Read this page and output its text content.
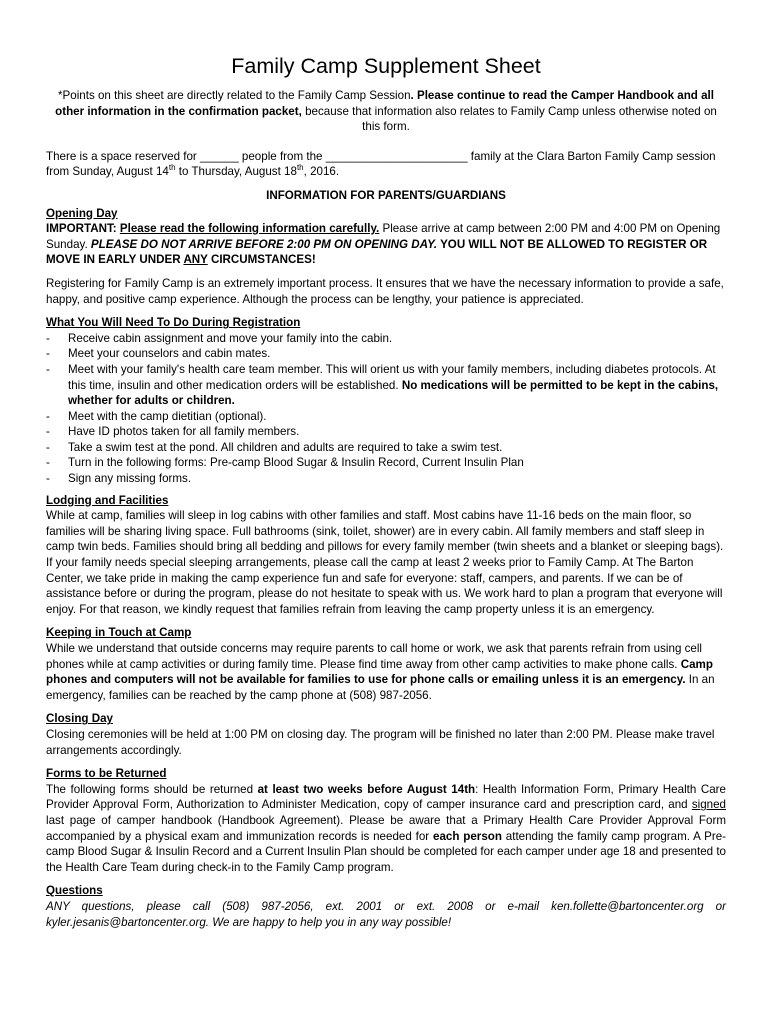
Family Camp Supplement Sheet

*Points on this sheet are directly related to the Family Camp Session. Please continue to read the Camper Handbook and all other information in the confirmation packet, because that information also relates to Family Camp unless otherwise noted on this form.

There is a space reserved for ______ people from the ______________________ family at the Clara Barton Family Camp session from Sunday, August 14th to Thursday, August 18th, 2016.

INFORMATION FOR PARENTS/GUARDIANS

Opening Day

IMPORTANT: Please read the following information carefully. Please arrive at camp between 2:00 PM and 4:00 PM on Opening Sunday. PLEASE DO NOT ARRIVE BEFORE 2:00 PM ON OPENING DAY. YOU WILL NOT BE ALLOWED TO REGISTER OR MOVE IN EARLY UNDER ANY CIRCUMSTANCES!

Registering for Family Camp is an extremely important process. It ensures that we have the necessary information to provide a safe, happy, and positive camp experience. Although the process can be lengthy, your patience is appreciated.

What You Will Need To Do During Registration

- Receive cabin assignment and move your family into the cabin.
- Meet your counselors and cabin mates.
- Meet with your family's health care team member. This will orient us with your family members, including diabetes protocols. At this time, insulin and other medication orders will be established. No medications will be permitted to be kept in the cabins, whether for adults or children.
- Meet with the camp dietitian (optional).
- Have ID photos taken for all family members.
- Take a swim test at the pond. All children and adults are required to take a swim test.
- Turn in the following forms: Pre-camp Blood Sugar & Insulin Record, Current Insulin Plan
- Sign any missing forms.

Lodging and Facilities

While at camp, families will sleep in log cabins with other families and staff. Most cabins have 11-16 beds on the main floor, so families will be sharing living space. Full bathrooms (sink, toilet, shower) are in every cabin. All family members and staff sleep in camp twin beds. Families should bring all bedding and pillows for every family member (twin sheets and a blanket or sleeping bags). If your family needs special sleeping arrangements, please call the camp at least 2 weeks prior to Family Camp. At The Barton Center, we take pride in making the camp experience fun and safe for everyone: staff, campers, and parents. If we can be of assistance before or during the program, please do not hesitate to speak with us. We work hard to plan a program that everyone will enjoy. For that reason, we kindly request that families refrain from leaving the camp property unless it is an emergency.

Keeping in Touch at Camp

While we understand that outside concerns may require parents to call home or work, we ask that parents refrain from using cell phones while at camp activities or during family time. Please find time away from other camp activities to make phone calls. Camp phones and computers will not be available for families to use for phone calls or emailing unless it is an emergency. In an emergency, families can be reached by the camp phone at (508) 987-2056.

Closing Day

Closing ceremonies will be held at 1:00 PM on closing day. The program will be finished no later than 2:00 PM. Please make travel arrangements accordingly.

Forms to be Returned

The following forms should be returned at least two weeks before August 14th: Health Information Form, Primary Health Care Provider Approval Form, Authorization to Administer Medication, copy of camper insurance card and prescription card, and signed last page of camper handbook (Handbook Agreement). Please be aware that a Primary Health Care Provider Approval Form accompanied by a physical exam and immunization records is needed for each person attending the family camp program. A Pre-camp Blood Sugar & Insulin Record and a Current Insulin Plan should be completed for each camper under age 18 and presented to the Health Care Team during check-in to the Family Camp program.

Questions

ANY questions, please call (508) 987-2056, ext. 2001 or ext. 2008 or e-mail ken.follette@bartoncenter.org or kyler.jesanis@bartoncenter.org. We are happy to help you in any way possible!
